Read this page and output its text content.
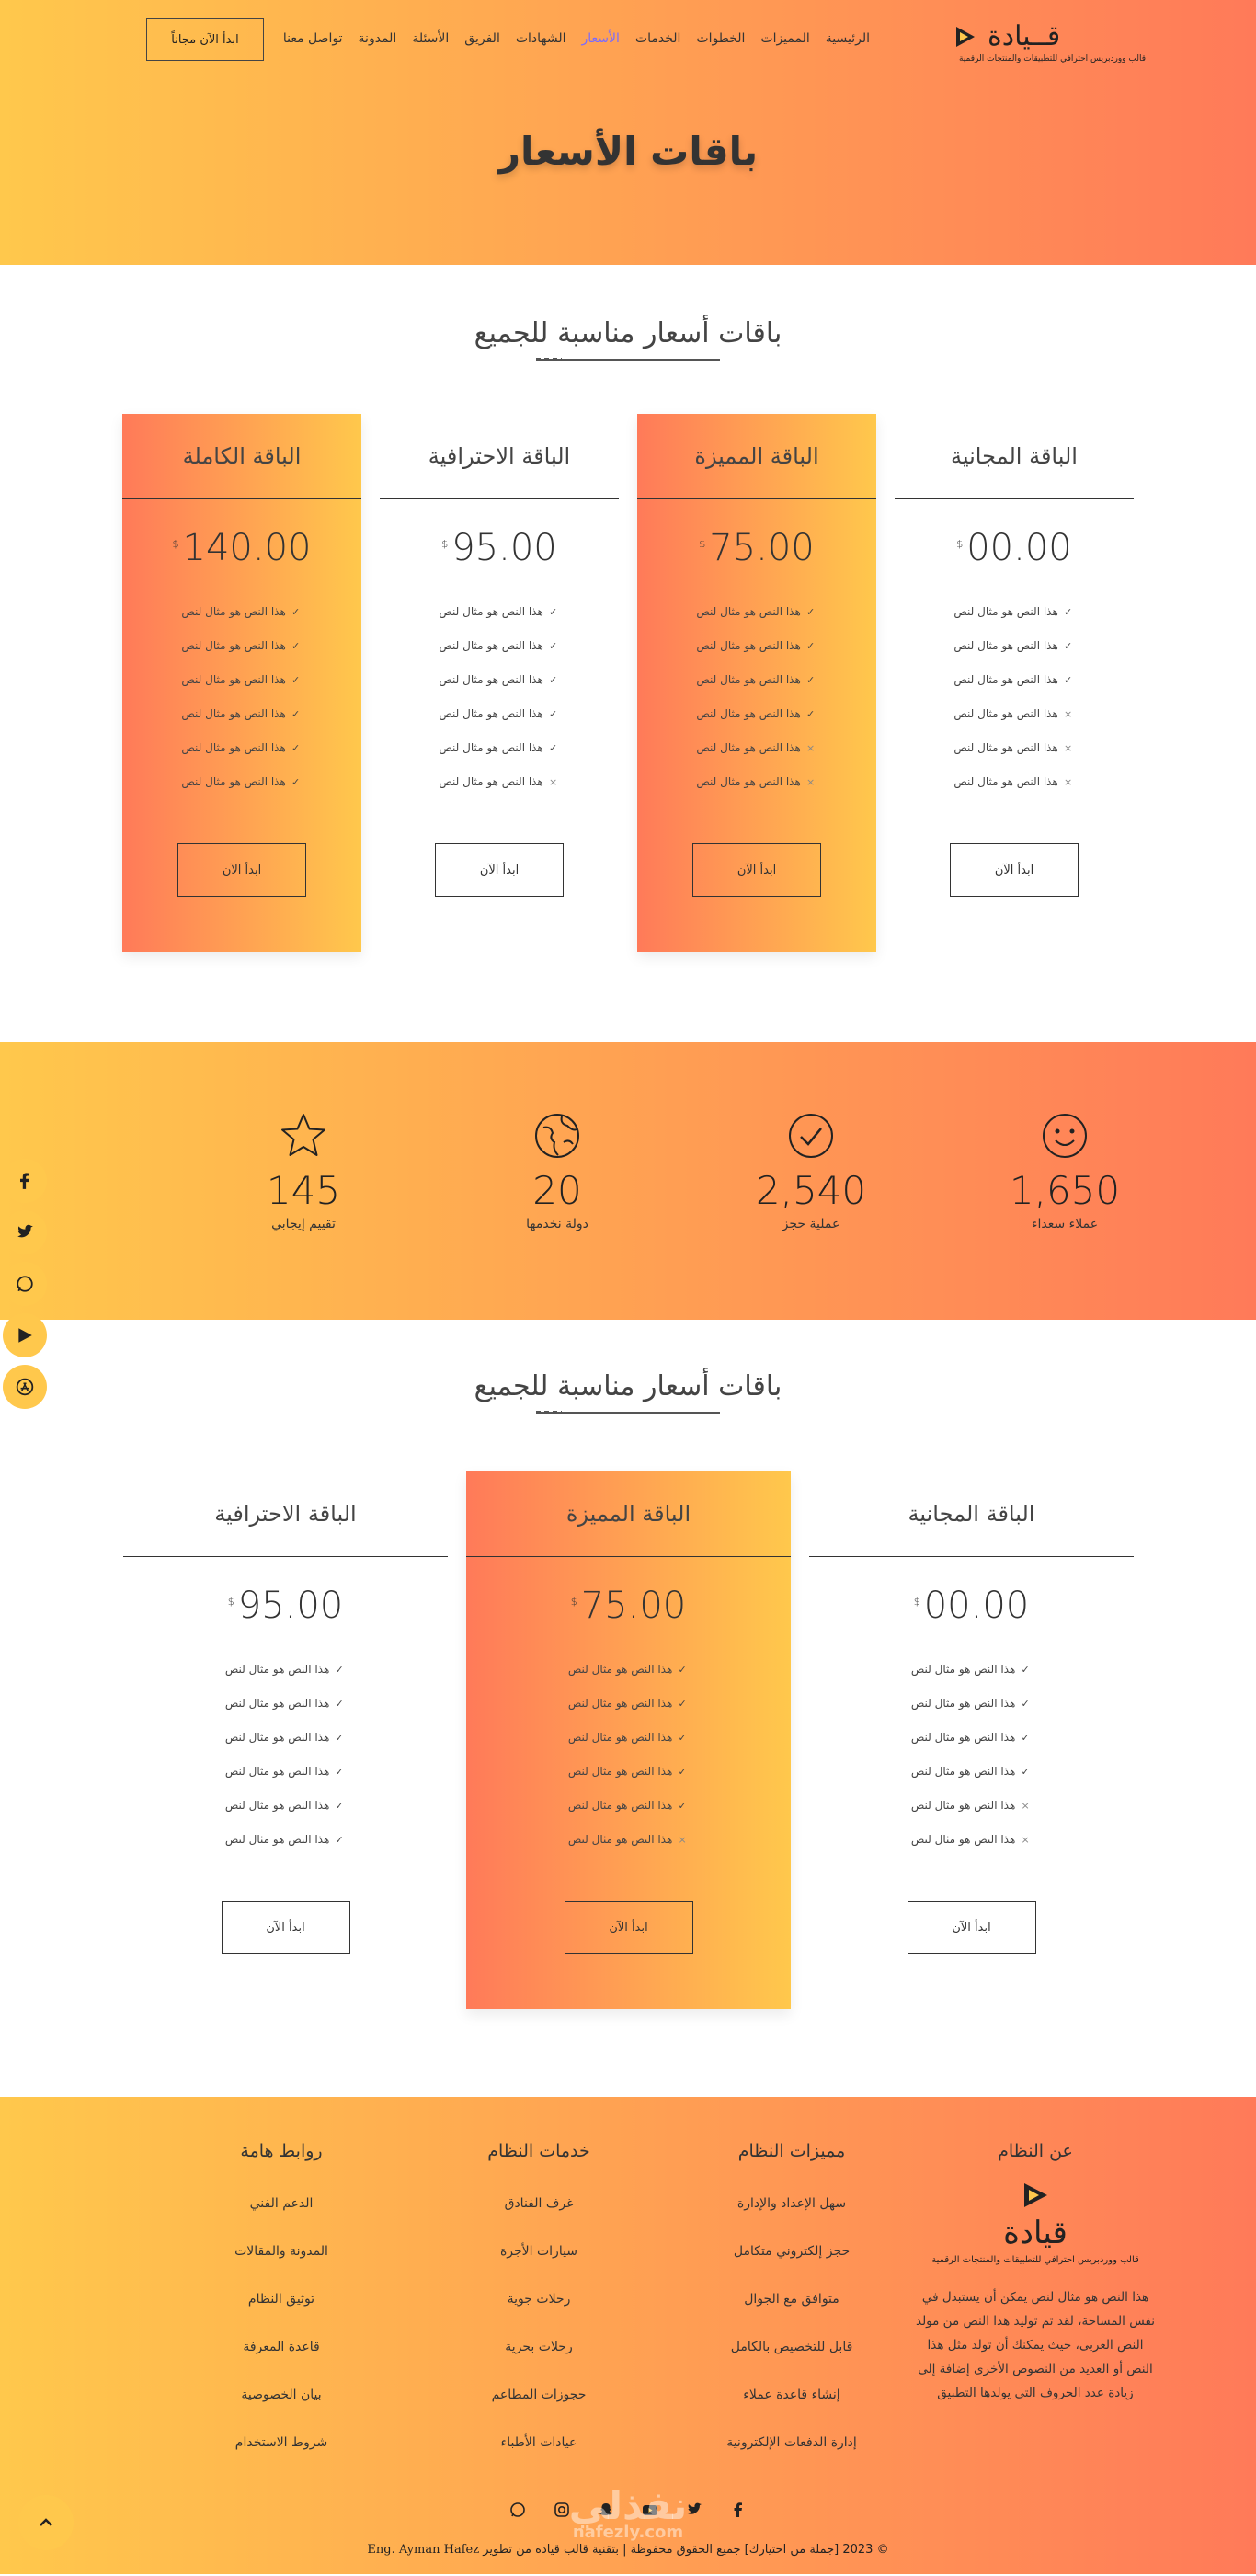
قــيادة
قالب ووردبريس احترافي للتطبيقات والمنتجات الرقمية
الرئيسية
المميزات
الخطوات
الخدمات
الأسعار
الشهادات
الفريق
الأسئلة
المدونة
تواصل معنا
ابدأ الآن مجاناً
باقات الأسعار
باقات أسعار مناسبة للجميع
الباقة المجانية
$ 00.00
✓ هذا النص هو مثال لنص
✓ هذا النص هو مثال لنص
✓ هذا النص هو مثال لنص
× هذا النص هو مثال لنص
× هذا النص هو مثال لنص
× هذا النص هو مثال لنص
ابدأ الآن
الباقة المميزة
$ 75.00
✓ هذا النص هو مثال لنص
✓ هذا النص هو مثال لنص
✓ هذا النص هو مثال لنص
✓ هذا النص هو مثال لنص
× هذا النص هو مثال لنص
× هذا النص هو مثال لنص
ابدأ الآن
الباقة الاحترافية
$ 95.00
✓ هذا النص هو مثال لنص
✓ هذا النص هو مثال لنص
✓ هذا النص هو مثال لنص
✓ هذا النص هو مثال لنص
✓ هذا النص هو مثال لنص
× هذا النص هو مثال لنص
ابدأ الآن
الباقة الكاملة
$ 140.00
✓ هذا النص هو مثال لنص
✓ هذا النص هو مثال لنص
✓ هذا النص هو مثال لنص
✓ هذا النص هو مثال لنص
✓ هذا النص هو مثال لنص
✓ هذا النص هو مثال لنص
ابدأ الآن
1,650
عملاء سعداء
2,540
عملية حجز
20
دولة نخدمها
145
تقييم إيجابي
باقات أسعار مناسبة للجميع
الباقة المجانية
$ 00.00
✓ هذا النص هو مثال لنص
✓ هذا النص هو مثال لنص
✓ هذا النص هو مثال لنص
✓ هذا النص هو مثال لنص
× هذا النص هو مثال لنص
× هذا النص هو مثال لنص
ابدأ الآن
الباقة المميزة
$ 75.00
✓ هذا النص هو مثال لنص
✓ هذا النص هو مثال لنص
✓ هذا النص هو مثال لنص
✓ هذا النص هو مثال لنص
✓ هذا النص هو مثال لنص
× هذا النص هو مثال لنص
ابدأ الآن
الباقة الاحترافية
$ 95.00
✓ هذا النص هو مثال لنص
✓ هذا النص هو مثال لنص
✓ هذا النص هو مثال لنص
✓ هذا النص هو مثال لنص
✓ هذا النص هو مثال لنص
✓ هذا النص هو مثال لنص
ابدأ الآن
عن النظام
قيادة
قالب ووردبريس احترافي للتطبيقات والمنتجات الرقمية

هذا النص هو مثال لنص يمكن أن يستبدل في نفس المساحة، لقد تم توليد هذا النص من مولد النص العربى، حيث يمكنك أن تولد مثل هذا النص أو العديد من النصوص الأخرى إضافة إلى زيادة عدد الحروف التى يولدها التطبيق

مميزات النظام
سهل الإعداد والإدارة
حجز إلكتروني متكامل
متوافق مع الجوال
قابل للتخصيص بالكامل
إنشاء قاعدة عملاء
إدارة الدفعات الإلكترونية
خدمات النظام
غرف الفنادق
سيارات الأجرة
رحلات جوية
رحلات بحرية
حجوزات المطاعم
عيادات الأطباء
روابط هامة
الدعم الفني
المدونة والمقالات
توثيق النظام
قاعدة المعرفة
بيان الخصوصية
شروط الاستخدام
© 2023 [جملة من اختيارك] جميع الحقوق محفوظة | بتقنية قالب قيادة من تطوير Eng. Ayman Hafez
نفذلي
nafezly.com
